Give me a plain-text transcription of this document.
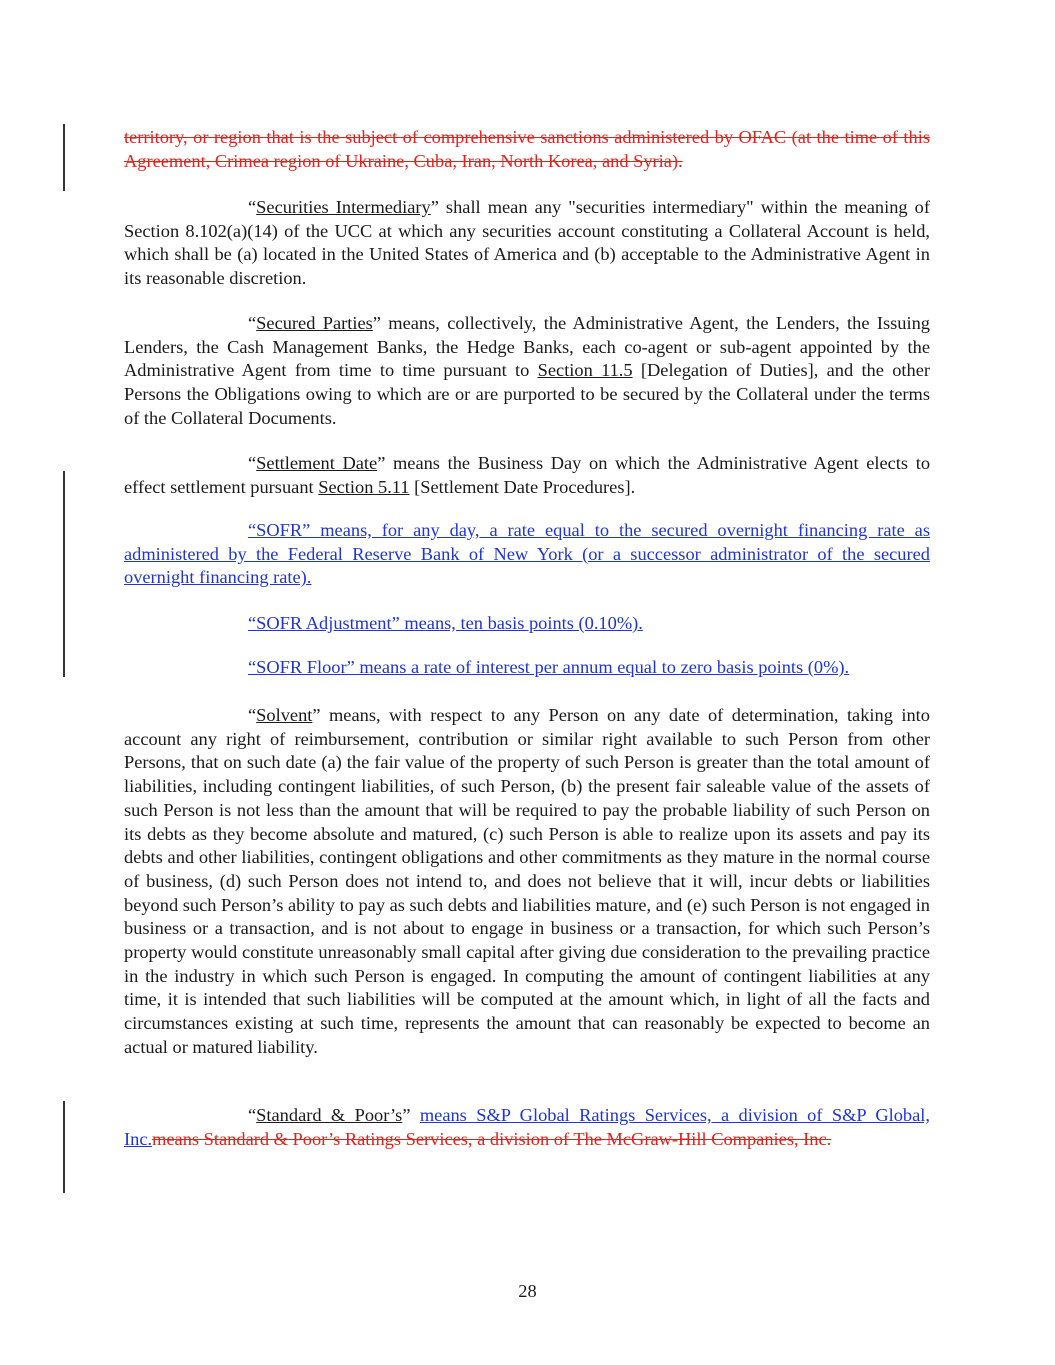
territory, or region that is the subject of comprehensive sanctions administered by OFAC (at the time of this Agreement, Crimea region of Ukraine, Cuba, Iran, North Korea, and Syria).

“Securities Intermediary” shall mean any "securities intermediary" within the meaning of Section 8.102(a)(14) of the UCC at which any securities account constituting a Collateral Account is held, which shall be (a) located in the United States of America and (b) acceptable to the Administrative Agent in its reasonable discretion.

“Secured Parties” means, collectively, the Administrative Agent, the Lenders, the Issuing Lenders, the Cash Management Banks, the Hedge Banks, each co-agent or sub-agent appointed by the Administrative Agent from time to time pursuant to Section 11.5 [Delegation of Duties], and the other Persons the Obligations owing to which are or are purported to be secured by the Collateral under the terms of the Collateral Documents.

“Settlement Date” means the Business Day on which the Administrative Agent elects to effect settlement pursuant Section 5.11 [Settlement Date Procedures].

“SOFR” means, for any day, a rate equal to the secured overnight financing rate as administered by the Federal Reserve Bank of New York (or a successor administrator of the secured overnight financing rate).

“SOFR Adjustment” means, ten basis points (0.10%).

“SOFR Floor” means a rate of interest per annum equal to zero basis points (0%).

“Solvent” means, with respect to any Person on any date of determination, taking into account any right of reimbursement, contribution or similar right available to such Person from other Persons, that on such date (a) the fair value of the property of such Person is greater than the total amount of liabilities, including contingent liabilities, of such Person, (b) the present fair saleable value of the assets of such Person is not less than the amount that will be required to pay the probable liability of such Person on its debts as they become absolute and matured, (c) such Person is able to realize upon its assets and pay its debts and other liabilities, contingent obligations and other commitments as they mature in the normal course of business, (d) such Person does not intend to, and does not believe that it will, incur debts or liabilities beyond such Person’s ability to pay as such debts and liabilities mature, and (e) such Person is not engaged in business or a transaction, and is not about to engage in business or a transaction, for which such Person’s property would constitute unreasonably small capital after giving due consideration to the prevailing practice in the industry in which such Person is engaged. In computing the amount of contingent liabilities at any time, it is intended that such liabilities will be computed at the amount which, in light of all the facts and circumstances existing at such time, represents the amount that can reasonably be expected to become an actual or matured liability.

“Standard & Poor’s” means S&P Global Ratings Services, a division of S&P Global, Inc.means Standard & Poor’s Ratings Services, a division of The McGraw-Hill Companies, Inc.

28
